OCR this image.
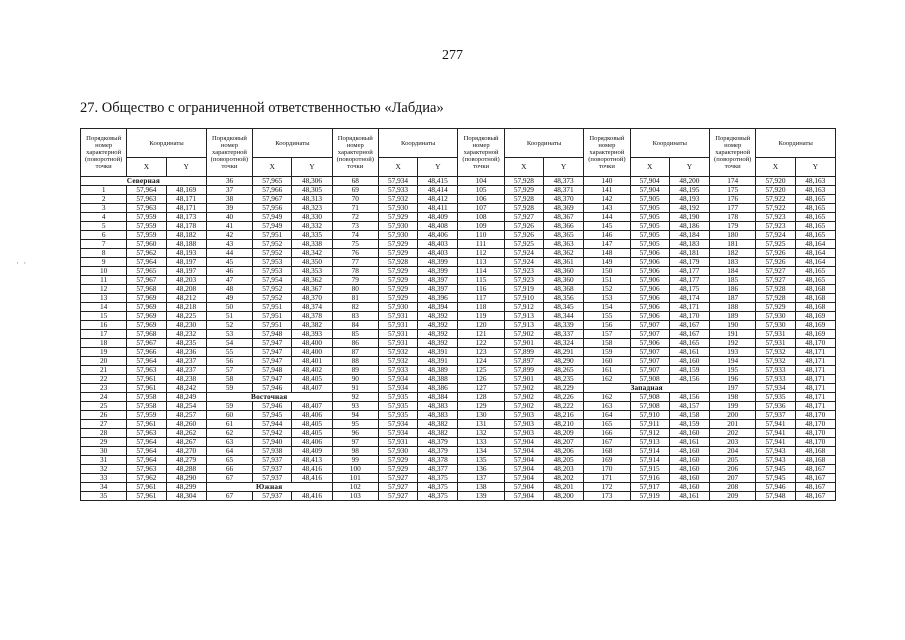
277
27. Общество с ограниченной ответственностью «Лабдиа»
· ·
Порядковый номер характерной (поворотной) точки	Координаты		Порядковый номер характерной (поворотной) точки	Координаты		Порядковый номер характерной (поворотной) точки	Координаты		Порядковый номер характерной (поворотной) точки	Координаты		Порядковый номер характерной (поворотной) точки	Координаты		Порядковый номер характерной (поворотной) точки	Координаты	
	X	Y		X	Y		X	Y		X	Y		X	Y		X	Y
Северная			36	57,965	48,306	68	57,934	48,415	104	57,928	48,373	140	57,904	48,200	174	57,920	48,163
1	57,964	48,169	37	57,966	48,305	69	57,933	48,414	105	57,929	48,371	141	57,904	48,195	175	57,920	48,163
2	57,963	48,171	38	57,967	48,313	70	57,932	48,412	106	57,928	48,370	142	57,905	48,193	176	57,922	48,165
3	57,963	48,171	39	57,956	48,323	71	57,930	48,411	107	57,928	48,369	143	57,905	48,192	177	57,922	48,165
4	57,959	48,173	40	57,949	48,330	72	57,929	48,409	108	57,927	48,367	144	57,905	48,190	178	57,923	48,165
5	57,959	48,178	41	57,949	48,332	73	57,930	48,408	109	57,926	48,366	145	57,905	48,186	179	57,923	48,165
6	57,959	48,182	42	57,951	48,335	74	57,930	48,406	110	57,926	48,365	146	57,905	48,184	180	57,924	48,165
7	57,960	48,188	43	57,952	48,338	75	57,929	48,403	111	57,925	48,363	147	57,905	48,183	181	57,925	48,164
8	57,962	48,193	44	57,952	48,342	76	57,929	48,403	112	57,924	48,362	148	57,906	48,181	182	57,926	48,164
9	57,964	48,197	45	57,953	48,350	77	57,928	48,399	113	57,924	48,361	149	57,906	48,179	183	57,926	48,164
10	57,965	48,197	46	57,953	48,353	78	57,929	48,399	114	57,923	48,360	150	57,906	48,177	184	57,927	48,165
11	57,967	48,203	47	57,954	48,362	79	57,929	48,397	115	57,923	48,360	151	57,906	48,177	185	57,927	48,165
12	57,968	48,208	48	57,952	48,367	80	57,929	48,397	116	57,919	48,368	152	57,906	48,175	186	57,928	48,168
13	57,969	48,212	49	57,952	48,370	81	57,929	48,396	117	57,910	48,356	153	57,906	48,174	187	57,928	48,168
14	57,969	48,218	50	57,951	48,374	82	57,930	48,394	118	57,912	48,345	154	57,906	48,171	188	57,929	48,168
15	57,969	48,225	51	57,951	48,378	83	57,931	48,392	119	57,913	48,344	155	57,906	48,170	189	57,930	48,169
16	57,969	48,230	52	57,951	48,382	84	57,931	48,392	120	57,913	48,339	156	57,907	48,167	190	57,930	48,169
17	57,968	48,232	53	57,948	48,393	85	57,931	48,392	121	57,902	48,337	157	57,907	48,167	191	57,931	48,169
18	57,967	48,235	54	57,947	48,400	86	57,931	48,392	122	57,901	48,324	158	57,906	48,165	192	57,931	48,170
19	57,966	48,236	55	57,947	48,400	87	57,932	48,391	123	57,899	48,291	159	57,907	48,161	193	57,932	48,171
20	57,964	48,237	56	57,947	48,401	88	57,932	48,391	124	57,897	48,290	160	57,907	48,160	194	57,932	48,171
21	57,963	48,237	57	57,948	48,402	89	57,933	48,389	125	57,899	48,265	161	57,907	48,159	195	57,933	48,171
22	57,961	48,238	58	57,947	48,405	90	57,934	48,388	126	57,901	48,235	162	57,908	48,156	196	57,933	48,171
23	57,961	48,242	59	57,946	48,407	91	57,934	48,386	127	57,902	48,229	Западная			197	57,934	48,171
24	57,958	48,249	Восточная			92	57,935	48,384	128	57,902	48,226	162	57,908	48,156	198	57,935	48,171
25	57,958	48,254	59	57,946	48,407	93	57,935	48,383	129	57,902	48,222	163	57,908	48,157	199	57,936	48,171
26	57,959	48,257	60	57,945	48,406	94	57,935	48,383	130	57,903	48,216	164	57,910	48,158	200	57,937	48,170
27	57,961	48,260	61	57,944	48,405	95	57,934	48,382	131	57,903	48,210	165	57,911	48,159	201	57,941	48,170
28	57,963	48,262	62	57,942	48,405	96	57,934	48,382	132	57,903	48,209	166	57,912	48,160	202	57,941	48,170
29	57,964	48,267	63	57,940	48,406	97	57,931	48,379	133	57,904	48,207	167	57,913	48,161	203	57,941	48,170
30	57,964	48,270	64	57,938	48,409	98	57,930	48,379	134	57,904	48,206	168	57,914	48,160	204	57,943	48,168
31	57,964	48,279	65	57,937	48,413	99	57,929	48,378	135	57,904	48,205	169	57,914	48,160	205	57,943	48,168
32	57,963	48,288	66	57,937	48,416	100	57,929	48,377	136	57,904	48,203	170	57,915	48,160	206	57,945	48,167
33	57,962	48,290	67	57,937	48,416	101	57,927	48,375	137	57,904	48,202	171	57,916	48,160	207	57,945	48,167
34	57,961	48,299	Южная			102	57,927	48,375	138	57,904	48,201	172	57,917	48,160	208	57,946	48,167
35	57,961	48,304	67	57,937	48,416	103	57,927	48,375	139	57,904	48,200	173	57,919	48,161	209	57,948	48,167
